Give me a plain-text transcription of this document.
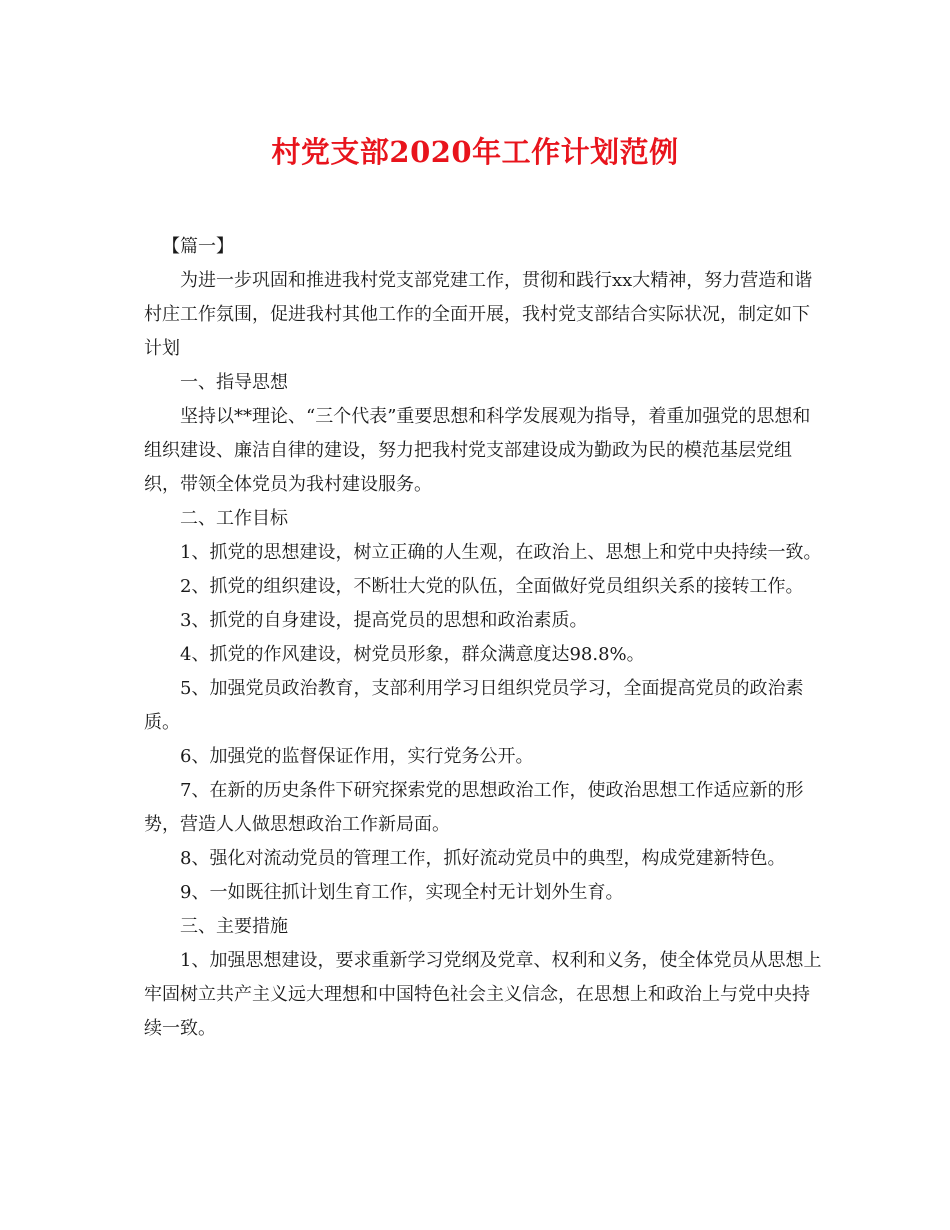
村党支部2020年工作计划范例

【篇一】

为进一步巩固和推进我村党支部党建工作，贯彻和践行xx大精神，努力营造和谐村庄工作氛围，促进我村其他工作的全面开展，我村党支部结合实际状况，制定如下计划

一、指导思想

坚持以**理论、“三个代表”重要思想和科学发展观为指导，着重加强党的思想和组织建设、廉洁自律的建设，努力把我村党支部建设成为勤政为民的模范基层党组织，带领全体党员为我村建设服务。

二、工作目标

1、抓党的思想建设，树立正确的人生观，在政治上、思想上和党中央持续一致。

2、抓党的组织建设，不断壮大党的队伍，全面做好党员组织关系的接转工作。

3、抓党的自身建设，提高党员的思想和政治素质。

4、抓党的作风建设，树党员形象，群众满意度达98.8%。

5、加强党员政治教育，支部利用学习日组织党员学习，全面提高党员的政治素质。

6、加强党的监督保证作用，实行党务公开。

7、在新的历史条件下研究探索党的思想政治工作，使政治思想工作适应新的形势，营造人人做思想政治工作新局面。

8、强化对流动党员的管理工作，抓好流动党员中的典型，构成党建新特色。

9、一如既往抓计划生育工作，实现全村无计划外生育。

三、主要措施

1、加强思想建设，要求重新学习党纲及党章、权利和义务，使全体党员从思想上牢固树立共产主义远大理想和中国特色社会主义信念，在思想上和政治上与党中央持续一致。
